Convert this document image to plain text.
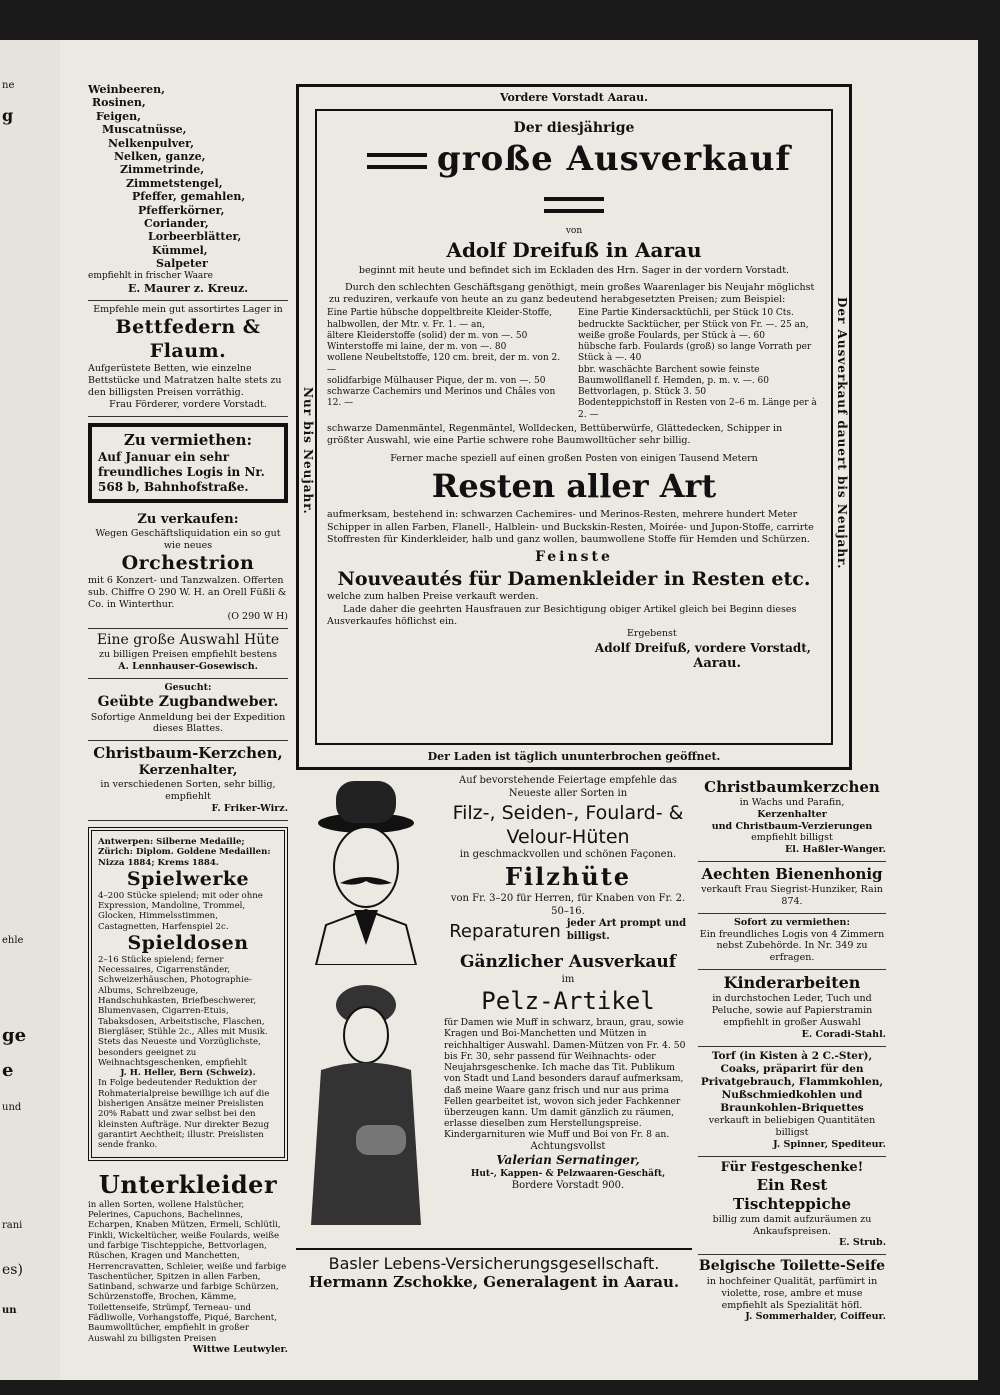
ne
g
ehle
ge
e
und
rani
es)
un
Weinbeeren,
Rosinen,
Feigen,
Muscatnüsse,
Nelkenpulver,
Nelken, ganze,
Zimmetrinde,
Zimmetstengel,
Pfeffer, gemahlen,
Pfefferkörner,
Coriander,
Lorbeerblätter,
Kümmel,
Salpeter
empfiehlt in frischer Waare
E. Maurer z. Kreuz.
Empfehle mein gut assortirtes Lager in
Bettfedern & Flaum.
Aufgerüstete Betten, wie einzelne Bettstücke und Matratzen halte stets zu den billigsten Preisen vorräthig.
Frau Förderer, vordere Vorstadt.
Zu vermiethen:
Auf Januar ein sehr freundliches Logis in Nr. 568 b, Bahnhofstraße.
Zu verkaufen:
Wegen Geschäftsliquidation ein so gut wie neues
Orchestrion
mit 6 Konzert- und Tanzwalzen. Offerten sub. Chiffre O 290 W. H. an Orell Füßli & Co. in Winterthur.
(O 290 W H)
Eine große Auswahl Hüte
zu billigen Preisen empfiehlt bestens
A. Lennhauser-Gosewisch.
Gesucht:
Geübte Zugbandweber.
Sofortige Anmeldung bei der Expedition dieses Blattes.
Christbaum-Kerzchen,
Kerzenhalter,
in verschiedenen Sorten, sehr billig, empfiehlt
F. Friker-Wirz.
Antwerpen: Silberne Medaille; Zürich: Diplom. Goldene Medaillen: Nizza 1884; Krems 1884.
Spielwerke
4–200 Stücke spielend; mit oder ohne Expression, Mandoline, Trommel, Glocken, Himmelsstimmen, Castagnetten, Harfenspiel 2c.
Spieldosen
2–16 Stücke spielend; ferner Necessaires, Cigarrenständer, Schweizerhäuschen, Photographie-Albums, Schreibzeuge, Handschuhkasten, Briefbeschwerer, Blumenvasen, Cigarren-Etuis, Tabaksdosen, Arbeitstische, Flaschen, Biergläser, Stühle 2c., Alles mit Musik. Stets das Neueste und Vorzüglichste, besonders geeignet zu Weihnachtsgeschenken, empfiehlt
J. H. Heller, Bern (Schweiz).
In Folge bedeutender Reduktion der Rohmaterialpreise bewillige ich auf die bisherigen Ansätze meiner Preislisten 20% Rabatt und zwar selbst bei den kleinsten Aufträge. Nur direkter Bezug garantirt Aechtheit; illustr. Preislisten sende franko.
Unterkleider
in allen Sorten, wollene Halstücher, Pelerines, Capuchons, Bachelinnes, Echarpen, Knaben Mützen, Ermeli, Schlütli, Finkli, Wickeltücher, weiße Foulards, weiße und farbige Tischteppiche, Bettvorlagen, Rüschen, Kragen und Manchetten, Herrencravatten, Schleier, weiße und farbige Taschentücher, Spitzen in allen Farben, Satinband, schwarze und farbige Schürzen, Schürzenstoffe, Brochen, Kämme, Toilettenseife, Strümpf, Terneau- und Fädliwolle, Vorhangstoffe, Piqué, Barchent, Baumwolltücher, empfiehlt in großer Auswahl zu billigsten Preisen
Wittwe Leutwyler.
Vordere Vorstadt Aarau.
Nur bis Neujahr.	Der Ausverkauf dauert bis Neujahr.
Der diesjährige
große Ausverkauf
von
Adolf Dreifuß in Aarau
beginnt mit heute und befindet sich im Eckladen des Hrn. Sager in der vordern Vorstadt.
Durch den schlechten Geschäftsgang genöthigt, mein großes Waarenlager bis Neujahr möglichst zu reduziren, verkaufe von heute an zu ganz bedeutend herabgesetzten Preisen; zum Beispiel:
Eine Partie hübsche doppeltbreite Kleider-Stoffe, halbwollen, der Mtr. v. Fr. 1. — an,
ältere Kleiderstoffe (solid) der m. von —. 50
Winterstoffe mi laine, der m. von —. 80
wollene Neubeltstoffe, 120 cm. breit, der m. von 2. —
solidfarbige Mülhauser Pique, der m. von —. 50
schwarze Cachemirs und Merinos und Châles von 12. —
Eine Partie Kindersacktüchli, per Stück 10 Cts.
bedruckte Sacktücher, per Stück von Fr. —. 25 an,
weiße große Foulards, per Stück à —. 60
hübsche farb. Foulards (groß) so lange Vorrath per Stück à —. 40
bbr. waschächte Barchent sowie feinste Baumwollflanell f. Hemden, p. m. v. —. 60
Bettvorlagen, p. Stück 3. 50
Bodenteppichstoff in Resten von 2–6 m. Länge per à 2. —
schwarze Damenmäntel, Regenmäntel, Wolldecken, Bettüberwürfe, Glättedecken, Schipper in größter Auswahl, wie eine Partie schwere rohe Baumwolltücher sehr billig.
Ferner mache speziell auf einen großen Posten von einigen Tausend Metern
Resten aller Art
aufmerksam, bestehend in: schwarzen Cachemires- und Merinos-Resten, mehrere hundert Meter Schipper in allen Farben, Flanell-, Halblein- und Buckskin-Resten, Moirée- und Jupon-Stoffe, carrirte Stoffresten für Kinderkleider, halb und ganz wollen, baumwollene Stoffe für Hemden und Schürzen.
Feinste
Nouveautés für Damenkleider in Resten etc.
welche zum halben Preise verkauft werden.
Lade daher die geehrten Hausfrauen zur Besichtigung obiger Artikel gleich bei Beginn dieses Ausverkaufes höflichst ein.
Ergebenst
Adolf Dreifuß, vordere Vorstadt,
Aarau.
Der Laden ist täglich ununterbrochen geöffnet.
Auf bevorstehende Feiertage empfehle das Neueste aller Sorten in
Filz-, Seiden-, Foulard- & Velour-Hüten
in geschmackvollen und schönen Façonen.
Filzhüte
von Fr. 3–20 für Herren, für Knaben von Fr. 2. 50–16.
Reparaturen jeder Art prompt und billigst.
Gänzlicher Ausverkauf
im
Pelz-Artikel
für Damen wie Muff in schwarz, braun, grau, sowie Kragen und Boi-Manchetten und Mützen in reichhaltiger Auswahl. Damen-Mützen von Fr. 4. 50 bis Fr. 30, sehr passend für Weihnachts- oder Neujahrsgeschenke. Ich mache das Tit. Publikum von Stadt und Land besonders darauf aufmerksam, daß meine Waare ganz frisch und nur aus prima Fellen gearbeitet ist, wovon sich jeder Fachkenner überzeugen kann. Um damit gänzlich zu räumen, erlasse dieselben zum Herstellungspreise. Kindergarnituren wie Muff und Boi von Fr. 8 an.
Achtungsvollst
Valerian Sernatinger,
Hut-, Kappen- & Pelzwaaren-Geschäft,
Bordere Vorstadt 900.
Basler Lebens-Versicherungsgesellschaft.
Hermann Zschokke, Generalagent in Aarau.
Christbaumkerzchen
in Wachs und Parafin,
Kerzenhalter
und Christbaum-Verzierungen
empfiehlt billigst
El. Haßler-Wanger.
Aechten Bienenhonig
verkauft Frau Siegrist-Hunziker, Rain 874.
Sofort zu vermiethen:
Ein freundliches Logis von 4 Zimmern nebst Zubehörde. In Nr. 349 zu erfragen.
Kinderarbeiten
in durchstochen Leder, Tuch und Peluche, sowie auf Papierstramin empfiehlt in großer Auswahl
E. Coradi-Stahl.
Torf (in Kisten à 2 C.-Ster), Coaks, präparirt für den Privatgebrauch, Flammkohlen, Nußschmiedkohlen und Braunkohlen-Briquettes
verkauft in beliebigen Quantitäten billigst
J. Spinner, Spediteur.
Für Festgeschenke!
Ein Rest Tischteppiche
billig zum damit aufzuräumen zu Ankaufspreisen.
E. Strub.
Belgische Toilette-Seife
in hochfeiner Qualität, parfümirt in violette, rose, ambre et muse empfiehlt als Spezialität höfl.
J. Sommerhalder, Coiffeur.
